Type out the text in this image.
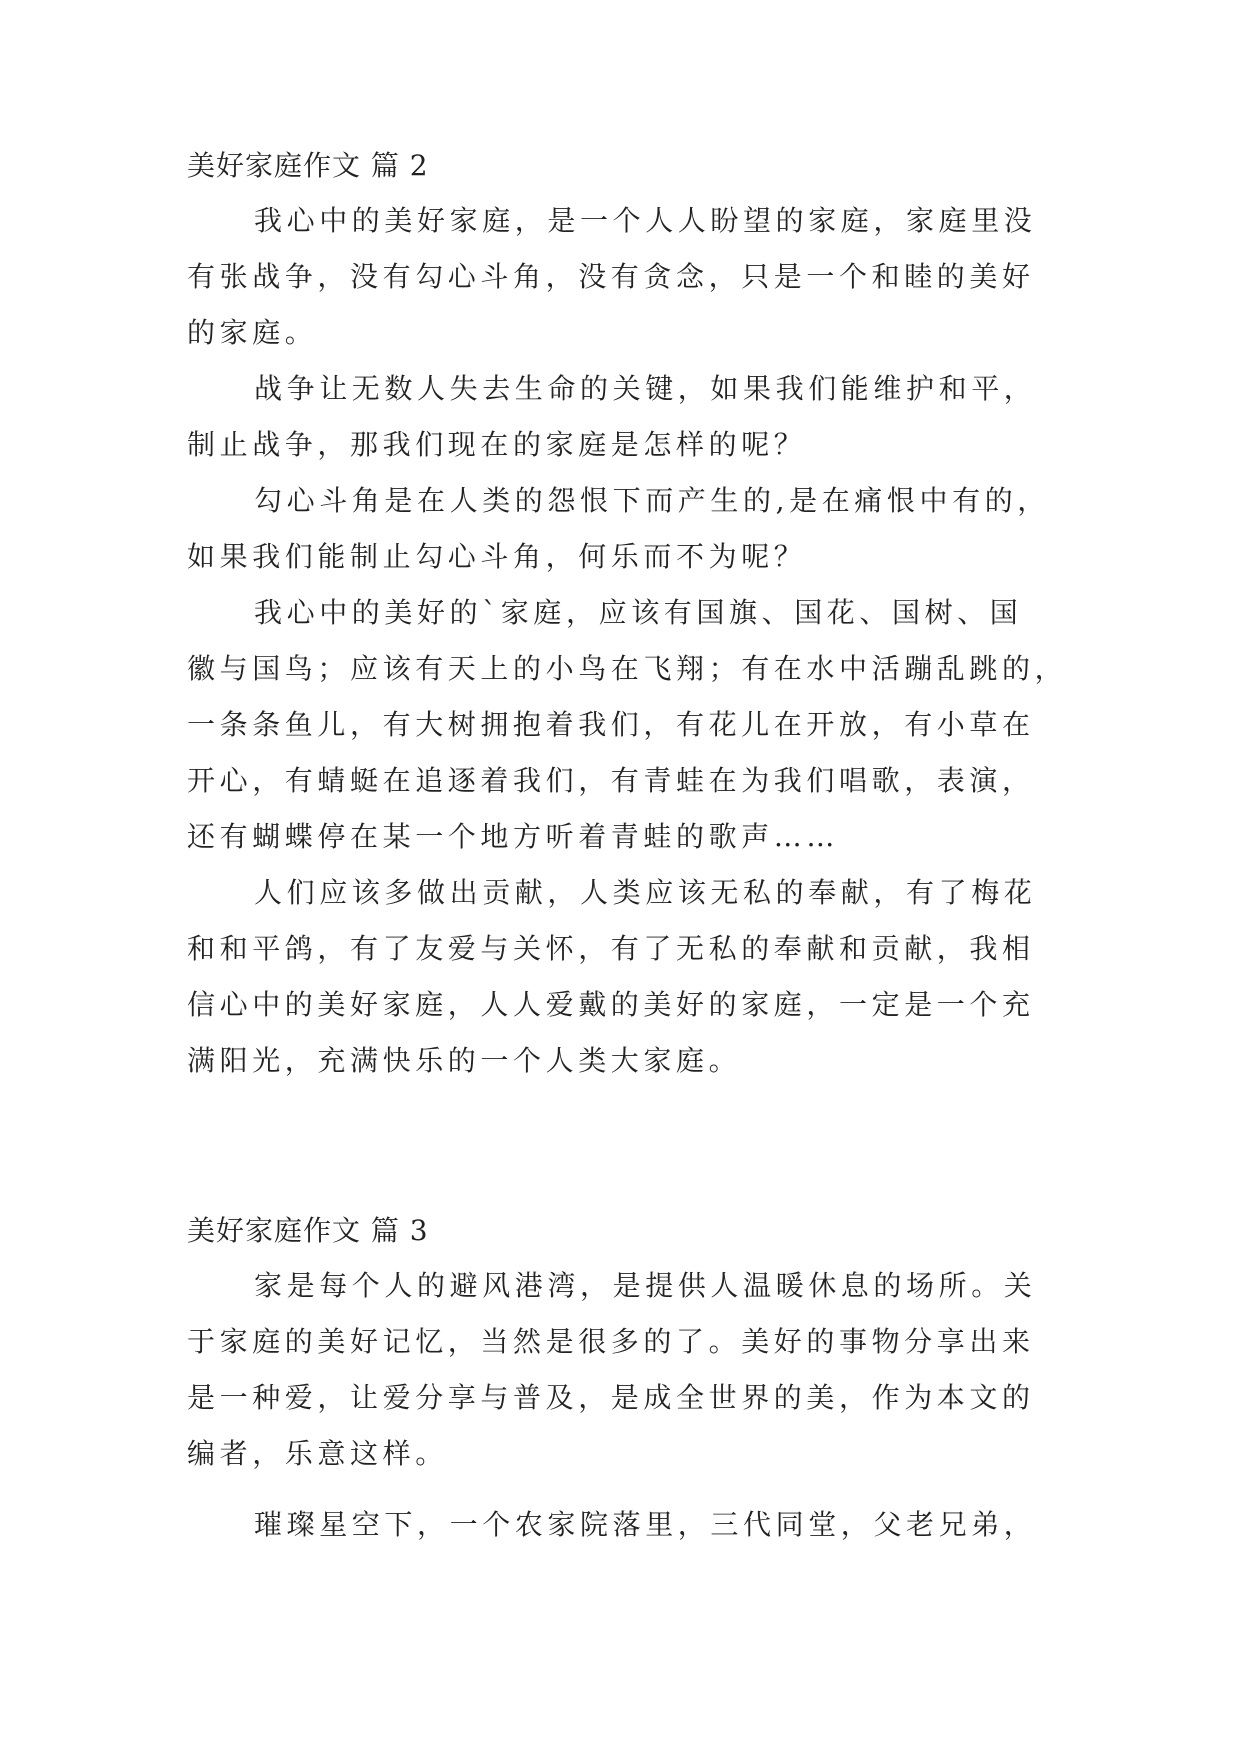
美好家庭作文 篇 2

我心中的美好家庭，是一个人人盼望的家庭，家庭里没

有张战争，没有勾心斗角，没有贪念，只是一个和睦的美好

的家庭。

战争让无数人失去生命的关键，如果我们能维护和平，

制止战争，那我们现在的家庭是怎样的呢？

勾心斗角是在人类的怨恨下而产生的,是在痛恨中有的，

如果我们能制止勾心斗角，何乐而不为呢？

我心中的美好的`家庭，应该有国旗、国花、国树、国

徽与国鸟；应该有天上的小鸟在飞翔；有在水中活蹦乱跳的，

一条条鱼儿，有大树拥抱着我们，有花儿在开放，有小草在

开心，有蜻蜓在追逐着我们，有青蛙在为我们唱歌，表演，

还有蝴蝶停在某一个地方听着青蛙的歌声……

人们应该多做出贡献，人类应该无私的奉献，有了梅花

和和平鸽，有了友爱与关怀，有了无私的奉献和贡献，我相

信心中的美好家庭，人人爱戴的美好的家庭，一定是一个充

满阳光，充满快乐的一个人类大家庭。

美好家庭作文 篇 3

家是每个人的避风港湾，是提供人温暖休息的场所。关

于家庭的美好记忆，当然是很多的了。美好的事物分享出来

是一种爱，让爱分享与普及，是成全世界的美，作为本文的

编者，乐意这样。

璀璨星空下，一个农家院落里，三代同堂，父老兄弟，
